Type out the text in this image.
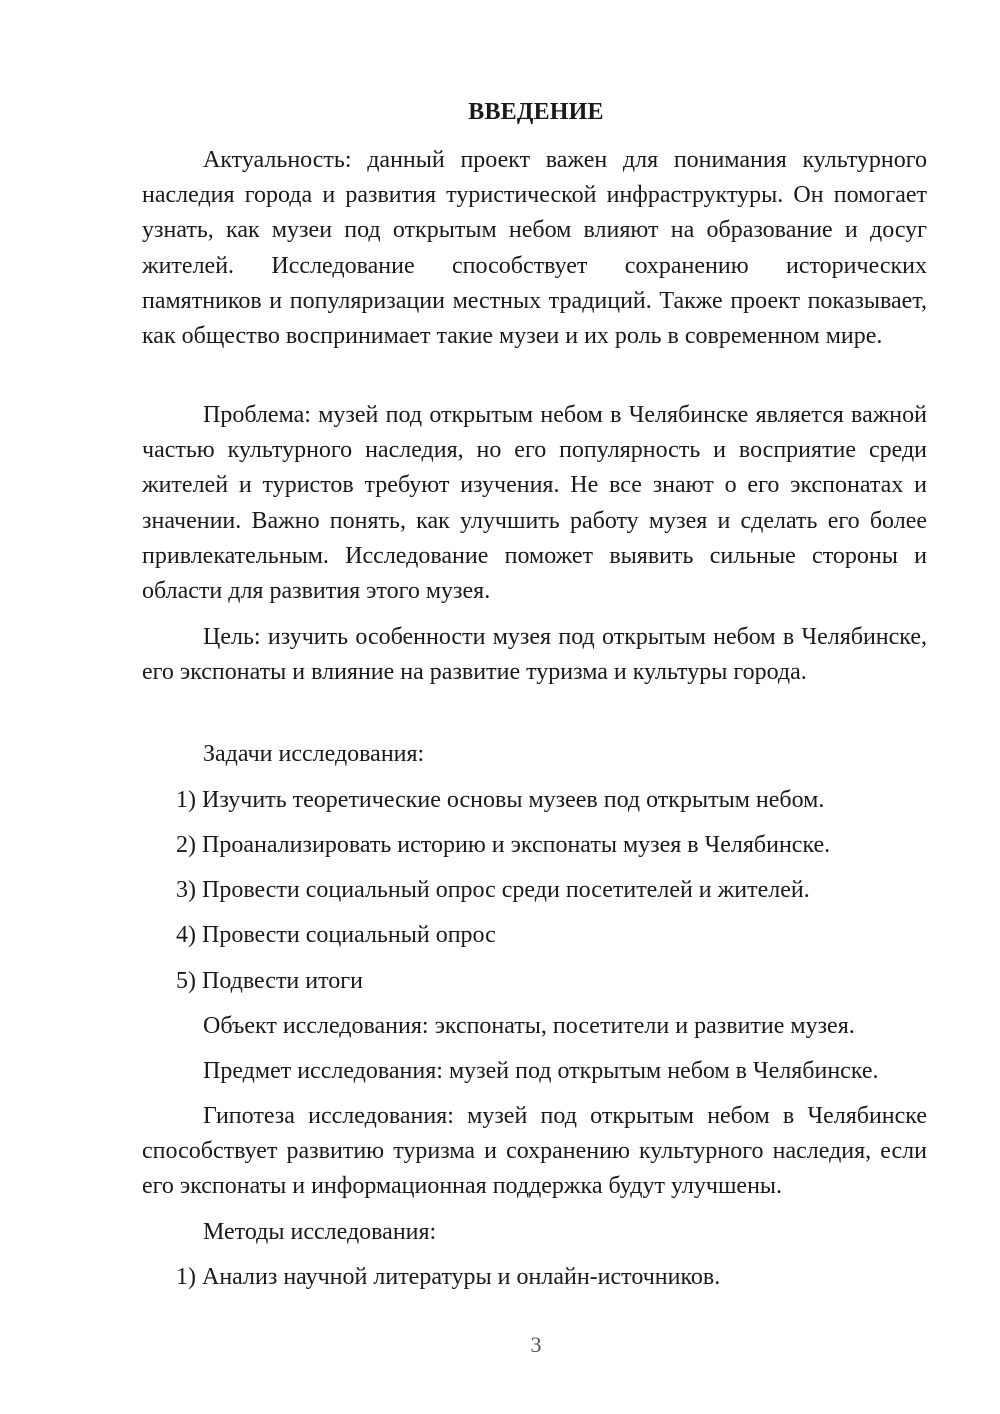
ВВЕДЕНИЕ

Актуальность: данный проект важен для понимания культурного наследия города и развития туристической инфраструктуры. Он помогает узнать, как музеи под открытым небом влияют на образование и досуг жителей. Исследование способствует сохранению исторических памятников и популяризации местных традиций. Также проект показывает, как общество воспринимает такие музеи и их роль в современном мире.

Проблема: музей под открытым небом в Челябинске является важной частью культурного наследия, но его популярность и восприятие среди жителей и туристов требуют изучения. Не все знают о его экспонатах и значении. Важно понять, как улучшить работу музея и сделать его более привлекательным. Исследование поможет выявить сильные стороны и области для развития этого музея.

Цель: изучить особенности музея под открытым небом в Челябинске, его экспонаты и влияние на развитие туризма и культуры города.

Задачи исследования:
1) Изучить теоретические основы музеев под открытым небом.
2) Проанализировать историю и экспонаты музея в Челябинске.
3) Провести социальный опрос среди посетителей и жителей.
4) Провести социальный опрос
5) Подвести итоги
Объект исследования: экспонаты, посетители и развитие музея.
Предмет исследования: музей под открытым небом в Челябинске.

Гипотеза исследования: музей под открытым небом в Челябинске способствует развитию туризма и сохранению культурного наследия, если его экспонаты и информационная поддержка будут улучшены.

Методы исследования:
1) Анализ научной литературы и онлайн-источников.
3
